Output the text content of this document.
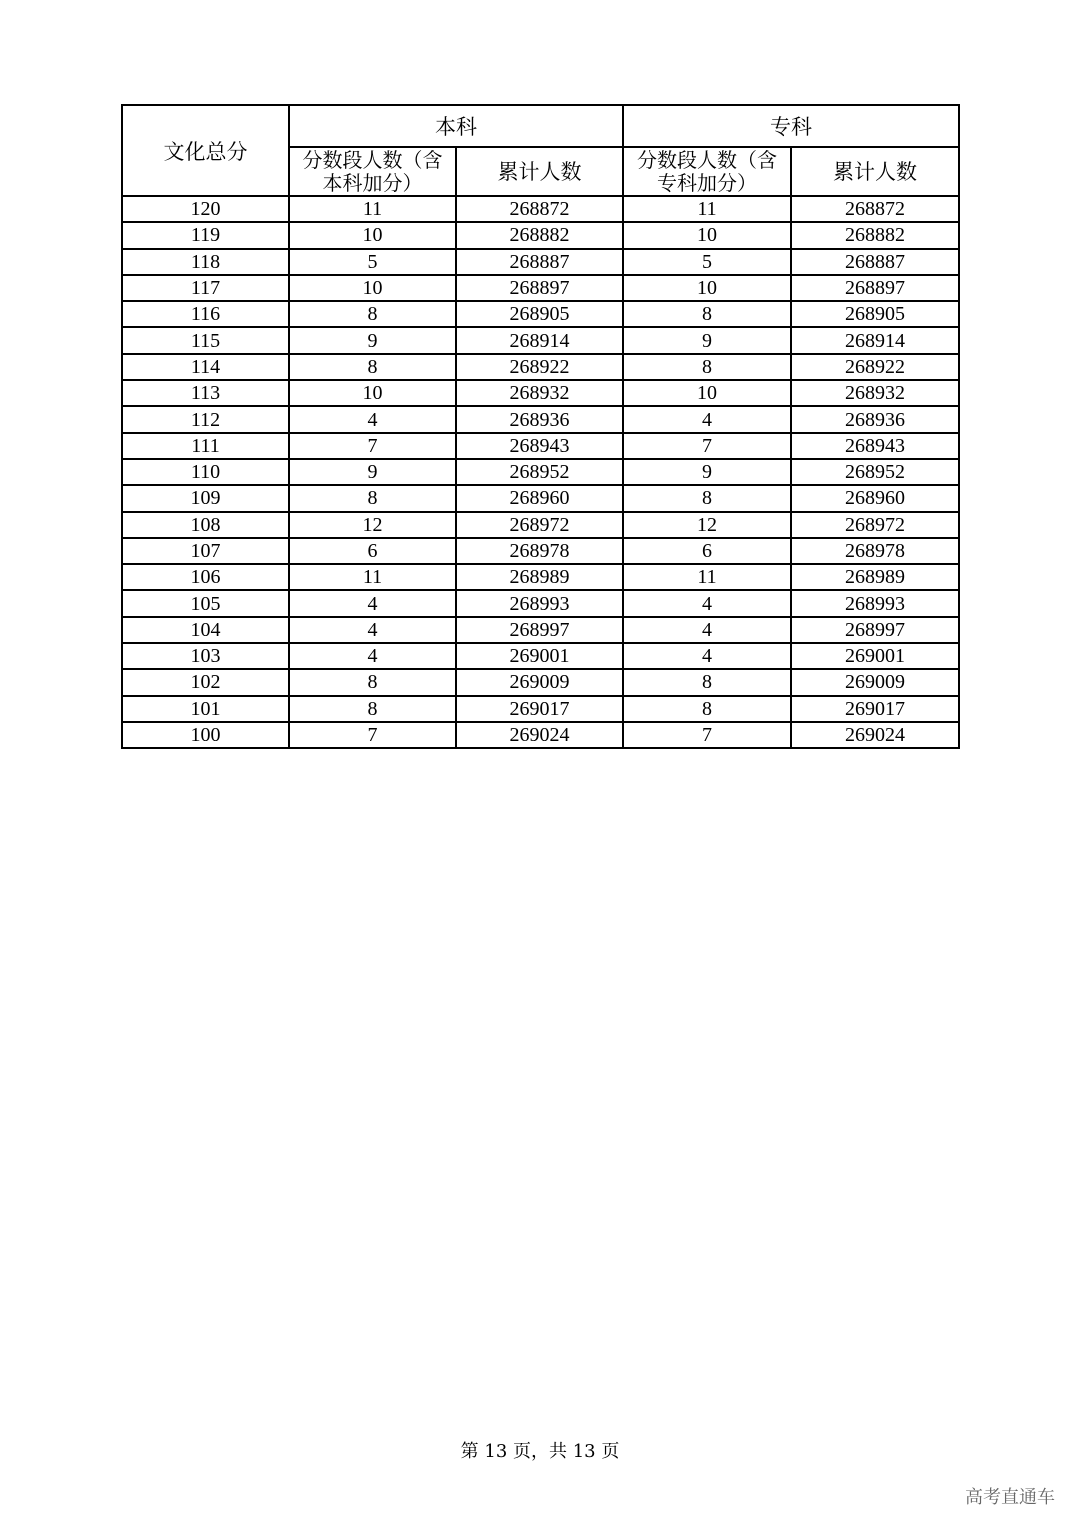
文化总分	本科		专科	
	分数段人数（含本科加分）	累计人数	分数段人数（含专科加分）	累计人数
120	11	268872	11	268872
119	10	268882	10	268882
118	5	268887	5	268887
117	10	268897	10	268897
116	8	268905	8	268905
115	9	268914	9	268914
114	8	268922	8	268922
113	10	268932	10	268932
112	4	268936	4	268936
111	7	268943	7	268943
110	9	268952	9	268952
109	8	268960	8	268960
108	12	268972	12	268972
107	6	268978	6	268978
106	11	268989	11	268989
105	4	268993	4	268993
104	4	268997	4	268997
103	4	269001	4	269001
102	8	269009	8	269009
101	8	269017	8	269017
100	7	269024	7	269024
第 13 页，共 13 页
高考直通车
